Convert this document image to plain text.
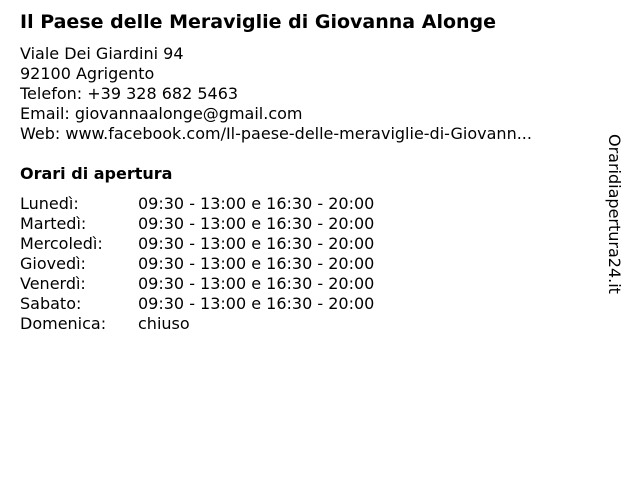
Il Paese delle Meraviglie di Giovanna Alonge
Viale Dei Giardini 94
92100 Agrigento
Telefon: +39 328 682 5463
Email: giovannaalonge@gmail.com
Web: www.facebook.com/Il-paese-delle-meraviglie-di-Giovann...
Orari di apertura
Lunedì:	09:30 - 13:00 e 16:30 - 20:00
Martedì:	09:30 - 13:00 e 16:30 - 20:00
Mercoledì: 09:30 - 13:00 e 16:30 - 20:00
Giovedì:	09:30 - 13:00 e 16:30 - 20:00
Venerdì:	09:30 - 13:00 e 16:30 - 20:00
Sabato:	09:30 - 13:00 e 16:30 - 20:00
Domenica: chiuso
Oraridiapertura24.it
